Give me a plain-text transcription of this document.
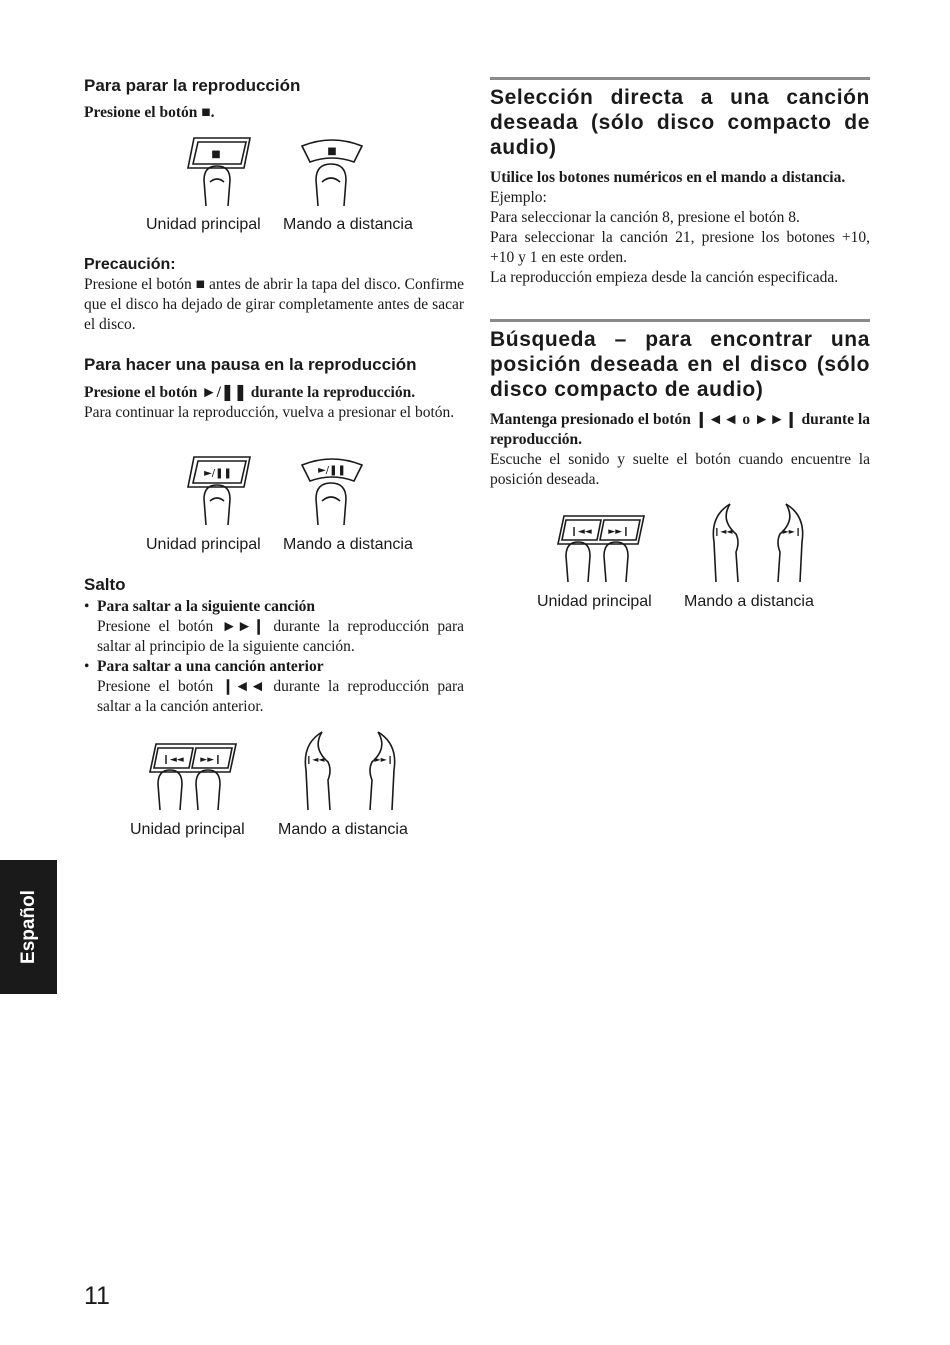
Para parar la reproducción

Presione el botón ■.

■	■
Unidad principal Mando a distancia
Precaución:

Presione el botón ■ antes de abrir la tapa del disco. Confirme que el disco ha dejado de girar completamente antes de sacar el disco.

Para hacer una pausa en la reproducción

Presione el botón ►/❚❚ durante la reproducción.

Para continuar la reproducción, vuelva a presionar el botón.

►/❚❚	►/❚❚
Unidad principal Mando a distancia
Salto
• Para saltar a la siguiente canción

Presione el botón ►►❙ durante la reproducción para saltar al principio de la siguiente canción.

• Para saltar a una canción anterior

Presione el botón ❙◄◄ durante la reproducción para saltar a la canción anterior.

❙◄◄ ►►❙	❙◄◄	►►❙
Unidad principal Mando a distancia
Selección directa a una canción deseada (sólo disco compacto de audio)

Utilice los botones numéricos en el mando a distancia.

Ejemplo:

Para seleccionar la canción 8, presione el botón 8.

Para seleccionar la canción 21, presione los botones +10, +10 y 1 en este orden.

La reproducción empieza desde la canción especificada.

Búsqueda – para encontrar una posición deseada en el disco (sólo disco compacto de audio)

Mantenga presionado el botón ❙◄◄ o ►►❙ durante la reproducción.

Escuche el sonido y suelte el botón cuando encuentre la posición deseada.

❙◄◄ ►►❙	❙◄◄	►►❙
Unidad principal Mando a distancia
Español
11
